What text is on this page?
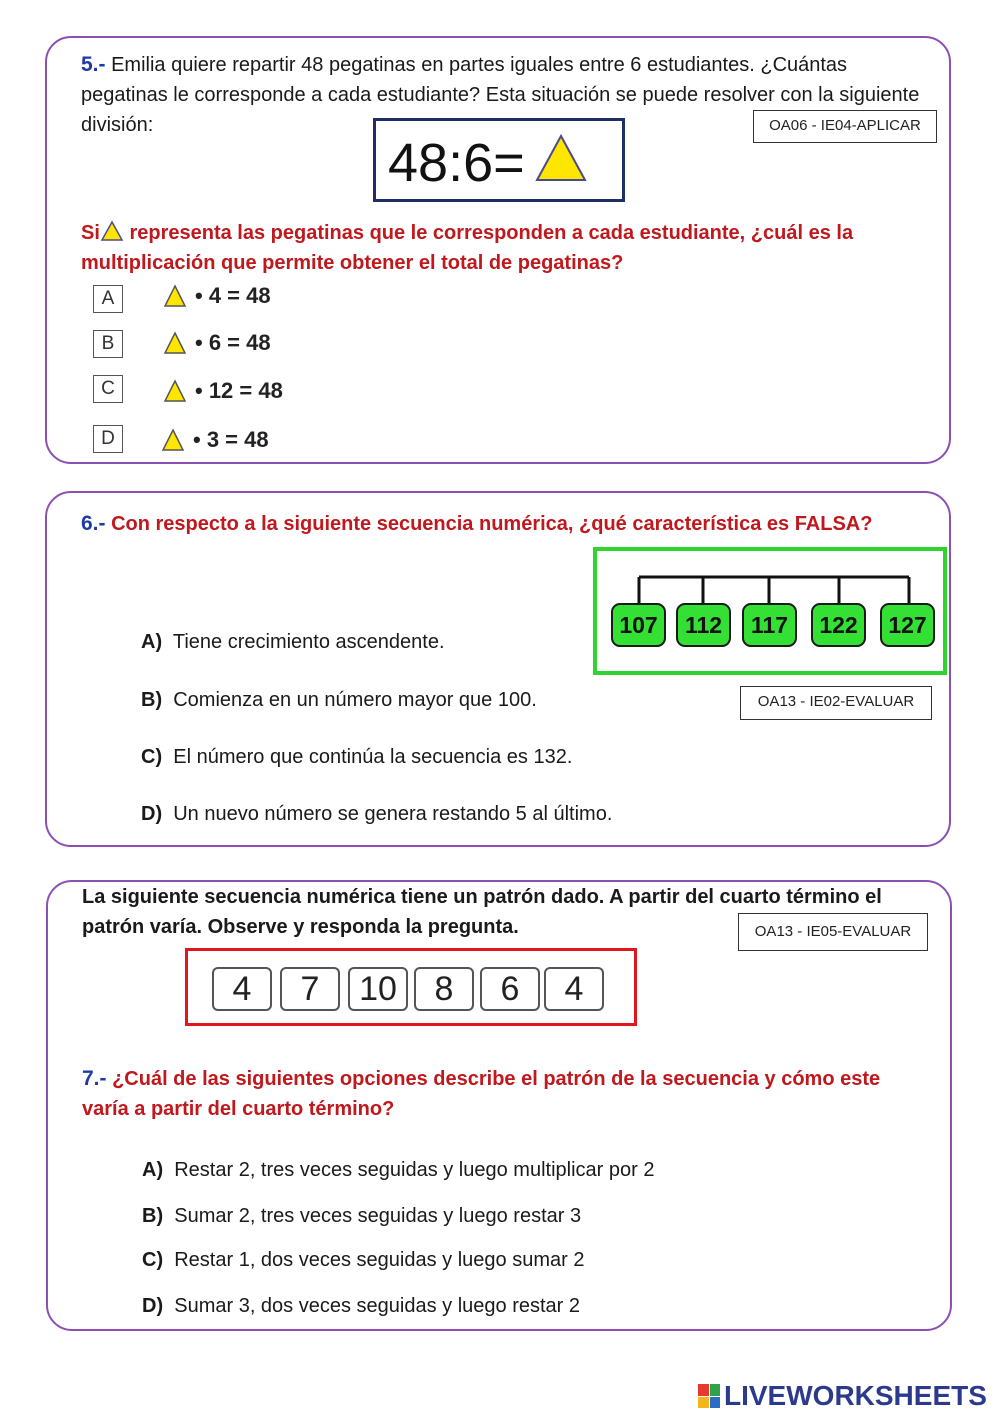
5.- Emilia quiere repartir 48 pegatinas en partes iguales entre 6 estudiantes. ¿Cuántas pegatinas le corresponde a cada estudiante? Esta situación se puede resolver con la siguiente división:	OA06 - IE04-APLICAR
48:6=

Si representa las pegatinas que le corresponden a cada estudiante, ¿cuál es la multiplicación que permite obtener el total de pegatinas?

A	• 4 = 48
B	• 6 = 48
C	• 12 = 48
D	• 3 = 48

6.- Con respecto a la siguiente secuencia numérica, ¿qué característica es FALSA?

107	112	117	122	127
OA13 - IE02-EVALUAR

A) Tiene crecimiento ascendente.

B) Comienza en un número mayor que 100.

C) El número que continúa la secuencia es 132.

D) Un nuevo número se genera restando 5 al último.

La siguiente secuencia numérica tiene un patrón dado. A partir del cuarto término el patrón varía. Observe y responda la pregunta.	OA13 - IE05-EVALUAR
4	7	10	8	6	4

7.- ¿Cuál de las siguientes opciones describe el patrón de la secuencia y cómo este varía a partir del cuarto término?

A) Restar 2, tres veces seguidas y luego multiplicar por 2

B) Sumar 2, tres veces seguidas y luego restar 3

C) Restar 1, dos veces seguidas y luego sumar 2

D) Sumar 3, dos veces seguidas y luego restar 2

LIVEWORKSHEETS
